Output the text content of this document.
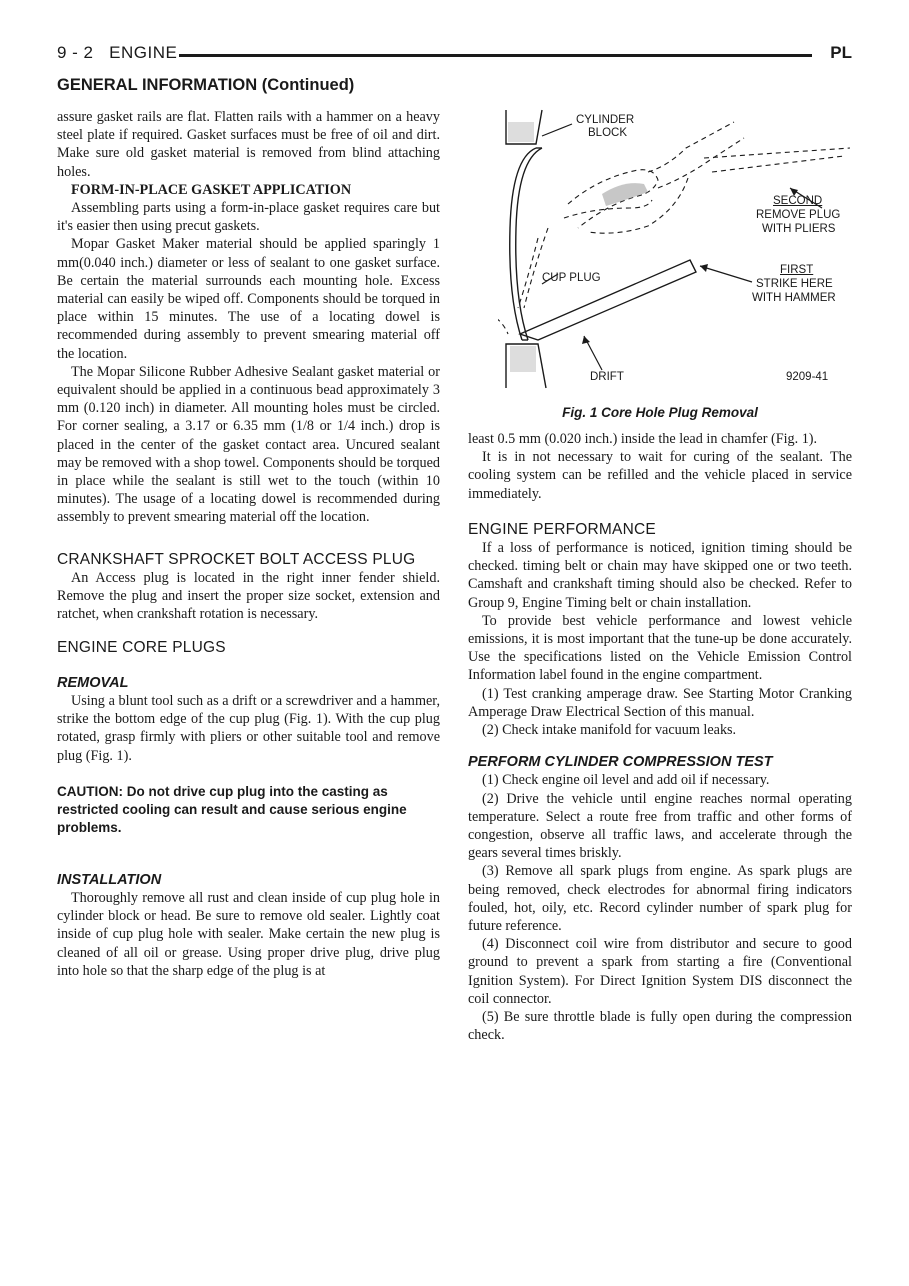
9 - 2   ENGINE	PL
GENERAL INFORMATION (Continued)

assure gasket rails are flat. Flatten rails with a hammer on a heavy steel plate if required. Gasket surfaces must be free of oil and dirt. Make sure old gasket material is removed from blind attaching holes.

FORM-IN-PLACE GASKET APPLICATION

Assembling parts using a form-in-place gasket requires care but it's easier then using precut gaskets.

Mopar Gasket Maker material should be applied sparingly 1 mm(0.040 inch.) diameter or less of sealant to one gasket surface. Be certain the material surrounds each mounting hole. Excess material can easily be wiped off. Components should be torqued in place within 15 minutes. The use of a locating dowel is recommended during assembly to prevent smearing material off the location.

The Mopar Silicone Rubber Adhesive Sealant gasket material or equivalent should be applied in a continuous bead approximately 3 mm (0.120 inch) in diameter. All mounting holes must be circled. For corner sealing, a 3.17 or 6.35 mm (1/8 or 1/4 inch.) drop is placed in the center of the gasket contact area. Uncured sealant may be removed with a shop towel. Components should be torqued in place while the sealant is still wet to the touch (within 10 minutes). The usage of a locating dowel is recommended during assembly to prevent smearing material off the location.

CRANKSHAFT SPROCKET BOLT ACCESS PLUG

An Access plug is located in the right inner fender shield. Remove the plug and insert the proper size socket, extension and ratchet, when crankshaft rotation is necessary.

ENGINE CORE PLUGS

REMOVAL

Using a blunt tool such as a drift or a screwdriver and a hammer, strike the bottom edge of the cup plug (Fig. 1). With the cup plug rotated, grasp firmly with pliers or other suitable tool and remove plug (Fig. 1).

CAUTION: Do not drive cup plug into the casting as restricted cooling can result and cause serious engine problems.

INSTALLATION

Thoroughly remove all rust and clean inside of cup plug hole in cylinder block or head. Be sure to remove old sealer. Lightly coat inside of cup plug hole with sealer. Make certain the new plug is cleaned of all oil or grease. Using proper drive plug, drive plug into hole so that the sharp edge of the plug is at

CYLINDER
BLOCK
SECOND
REMOVE PLUG
WITH PLIERS
CUP PLUG
FIRST
STRIKE HERE
WITH HAMMER
DRIFT	9209-41
Fig. 1 Core Hole Plug Removal

least 0.5 mm (0.020 inch.) inside the lead in chamfer (Fig. 1).

It is in not necessary to wait for curing of the sealant. The cooling system can be refilled and the vehicle placed in service immediately.

ENGINE PERFORMANCE

If a loss of performance is noticed, ignition timing should be checked. timing belt or chain may have skipped one or two teeth. Camshaft and crankshaft timing should also be checked. Refer to Group 9, Engine Timing belt or chain installation.

To provide best vehicle performance and lowest vehicle emissions, it is most important that the tune-up be done accurately. Use the specifications listed on the Vehicle Emission Control Information label found in the engine compartment.

(1) Test cranking amperage draw. See Starting Motor Cranking Amperage Draw Electrical Section of this manual.

(2) Check intake manifold for vacuum leaks.

PERFORM CYLINDER COMPRESSION TEST

(1) Check engine oil level and add oil if necessary.

(2) Drive the vehicle until engine reaches normal operating temperature. Select a route free from traffic and other forms of congestion, observe all traffic laws, and accelerate through the gears several times briskly.

(3) Remove all spark plugs from engine. As spark plugs are being removed, check electrodes for abnormal firing indicators fouled, hot, oily, etc. Record cylinder number of spark plug for future reference.

(4) Disconnect coil wire from distributor and secure to good ground to prevent a spark from starting a fire (Conventional Ignition System). For Direct Ignition System DIS disconnect the coil connector.

(5) Be sure throttle blade is fully open during the compression check.
